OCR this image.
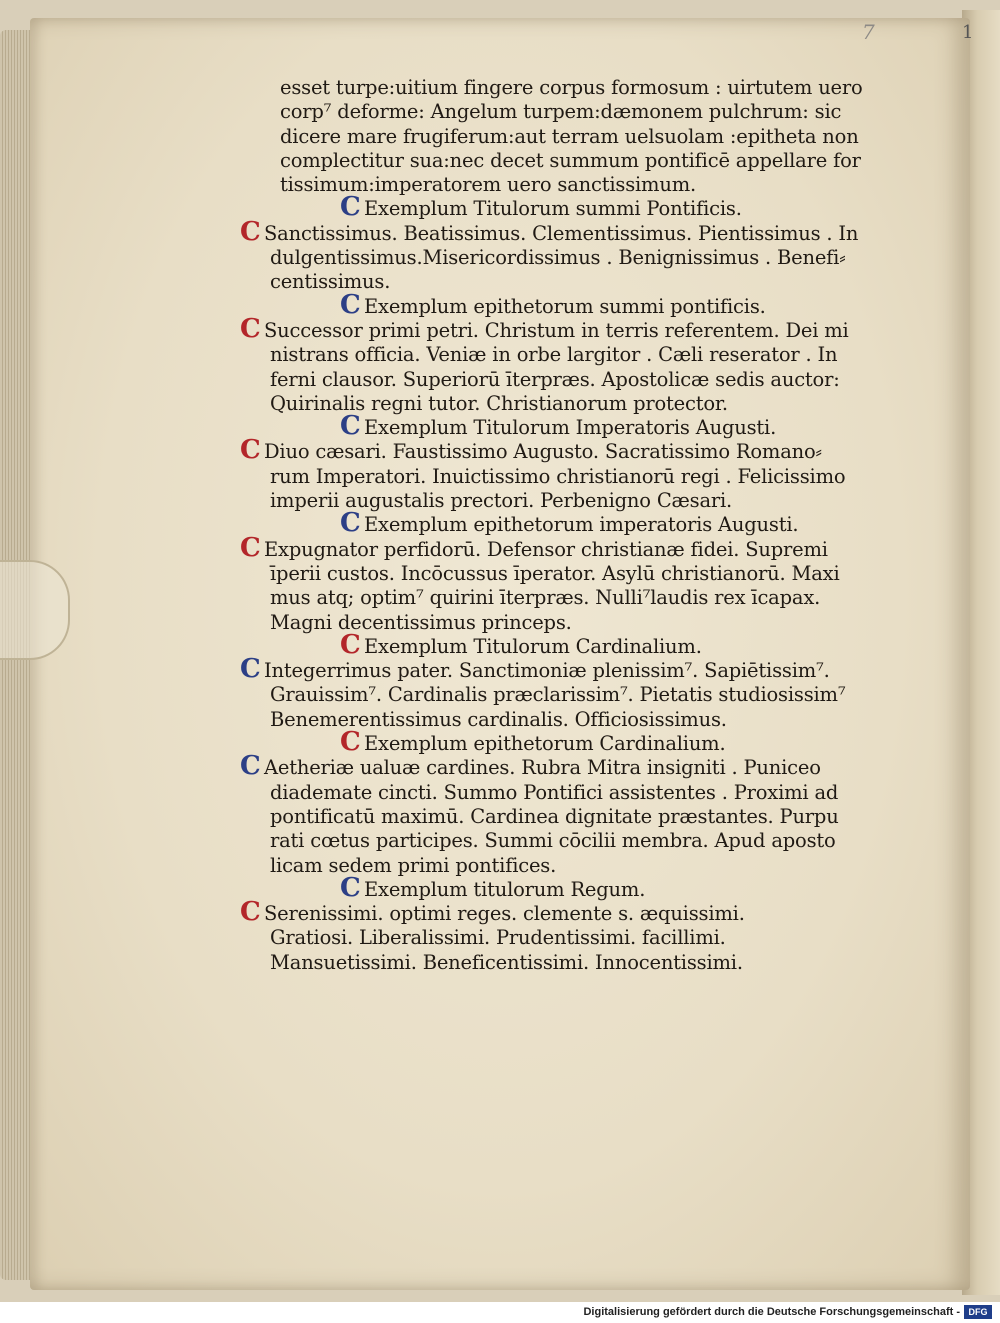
7	1
esset turpe:uitium fingere corpus formosum : uirtutem uero
corp⁷ deforme: Angelum turpem:dæmonem pulchrum: sic
dicere mare frugiferum:aut terram uelsuolam :epitheta non
complectitur sua:nec decet summum pontificē appellare for
tissimum:imperatorem uero sanctissimum.
C Exemplum Titulorum summi Pontificis.
C Sanctissimus. Beatissimus. Clementissimus. Pientissimus . In
dulgentissimus.Misericordissimus . Benignissimus . Benefi⸗
centissimus.
C Exemplum epithetorum summi pontificis.
C Successor primi petri. Christum in terris referentem. Dei mi
nistrans officia. Veniæ in orbe largitor . Cæli reserator . In
ferni clausor. Superiorū īterpræs. Apostolicæ sedis auctor:
Quirinalis regni tutor. Christianorum protector.
C Exemplum Titulorum Imperatoris Augusti.
C Diuo cæsari. Faustissimo Augusto. Sacratissimo Romano⸗
rum Imperatori. Inuictissimo christianorū regi . Felicissimo
imperii augustalis prectori. Perbenigno Cæsari.
C Exemplum epithetorum imperatoris Augusti.
C Expugnator perfidorū. Defensor christianæ fidei. Supremi
īperii custos. Incōcussus īperator. Asylū christianorū. Maxi
mus atq; optim⁷ quirini īterpræs. Nulli⁷laudis rex īcapax.
Magni decentissimus princeps.
C Exemplum Titulorum Cardinalium.
C Integerrimus pater. Sanctimoniæ plenissim⁷. Sapiētissim⁷.
Grauissim⁷. Cardinalis præclarissim⁷. Pietatis studiosissim⁷
Benemerentissimus cardinalis. Officiosissimus.
C Exemplum epithetorum Cardinalium.
C Aetheriæ ualuæ cardines. Rubra Mitra insigniti . Puniceo
diademate cincti. Summo Pontifici assistentes . Proximi ad
pontificatū maximū. Cardinea dignitate præstantes. Purpu
rati cœtus participes. Summi cōcilii membra. Apud aposto
licam sedem primi pontifices.
C Exemplum titulorum Regum.
C Serenissimi. optimi reges. clemente s. æquissimi.
Gratiosi. Liberalissimi. Prudentissimi. facillimi.
Mansuetissimi. Beneficentissimi. Innocentissimi.
Digitalisierung gefördert durch die Deutsche Forschungsgemeinschaft - DFG
